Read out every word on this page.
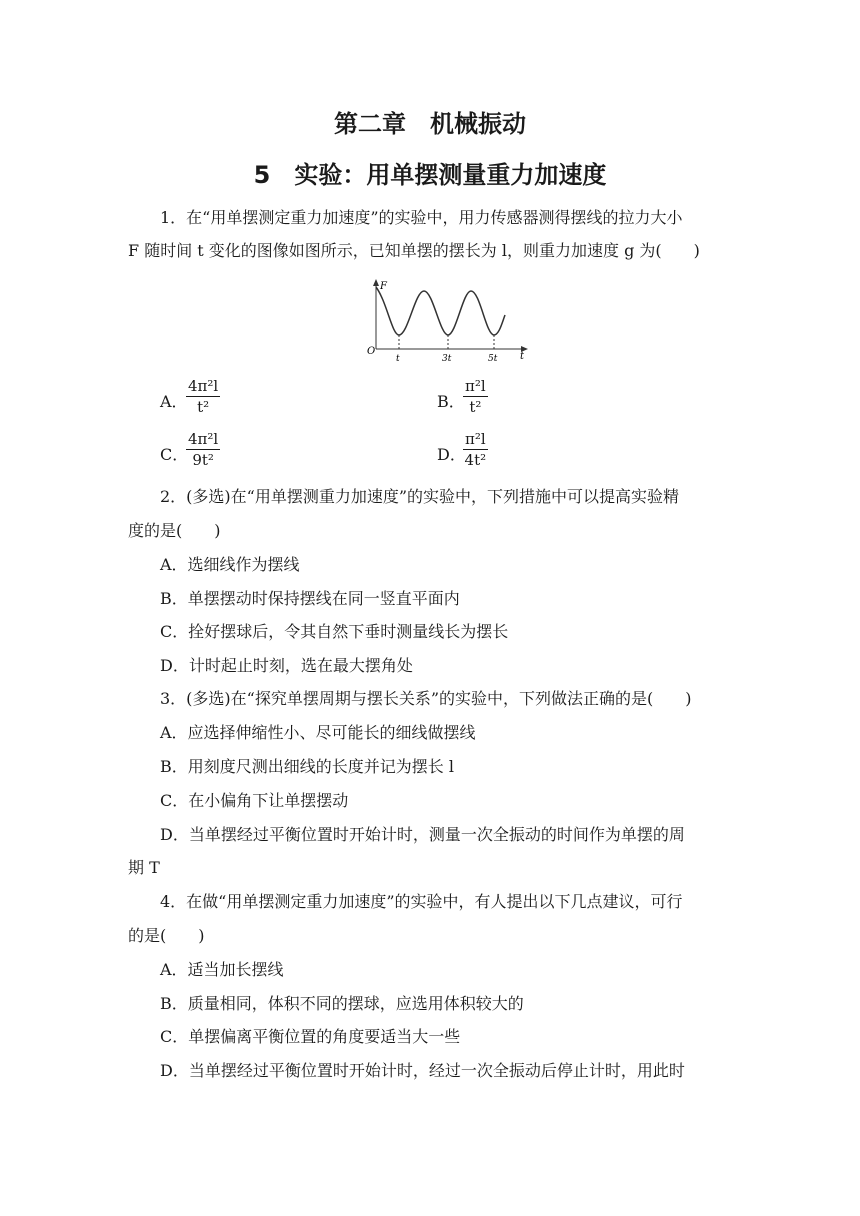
第二章　机械振动
5　实验：用单摆测量重力加速度
1．在“用单摆测定重力加速度”的实验中，用力传感器测得摆线的拉力大小
F 随时间 t 变化的图像如图所示，已知单摆的摆长为 l，则重力加速度 g 为(　　)
F
O	t
t	3t	5t
A．
$\frac{\text{4π²l}}{\text{t²}}$	B．
$\frac{\text{π²l}}{\text{t²}}$
C．
$\frac{\text{4π²l}}{\text{9t²}}$	D．
$\frac{\text{π²l}}{\text{4t²}}$
2．(多选)在“用单摆测重力加速度”的实验中，下列措施中可以提高实验精
度的是(　　)
A．选细线作为摆线
B．单摆摆动时保持摆线在同一竖直平面内
C．拴好摆球后，令其自然下垂时测量线长为摆长
D．计时起止时刻，选在最大摆角处
3．(多选)在“探究单摆周期与摆长关系”的实验中，下列做法正确的是(　　)
A．应选择伸缩性小、尽可能长的细线做摆线
B．用刻度尺测出细线的长度并记为摆长 l
C．在小偏角下让单摆摆动
D．当单摆经过平衡位置时开始计时，测量一次全振动的时间作为单摆的周
期 T
4．在做“用单摆测定重力加速度”的实验中，有人提出以下几点建议，可行
的是(　　)
A．适当加长摆线
B．质量相同，体积不同的摆球，应选用体积较大的
C．单摆偏离平衡位置的角度要适当大一些
D．当单摆经过平衡位置时开始计时，经过一次全振动后停止计时，用此时
